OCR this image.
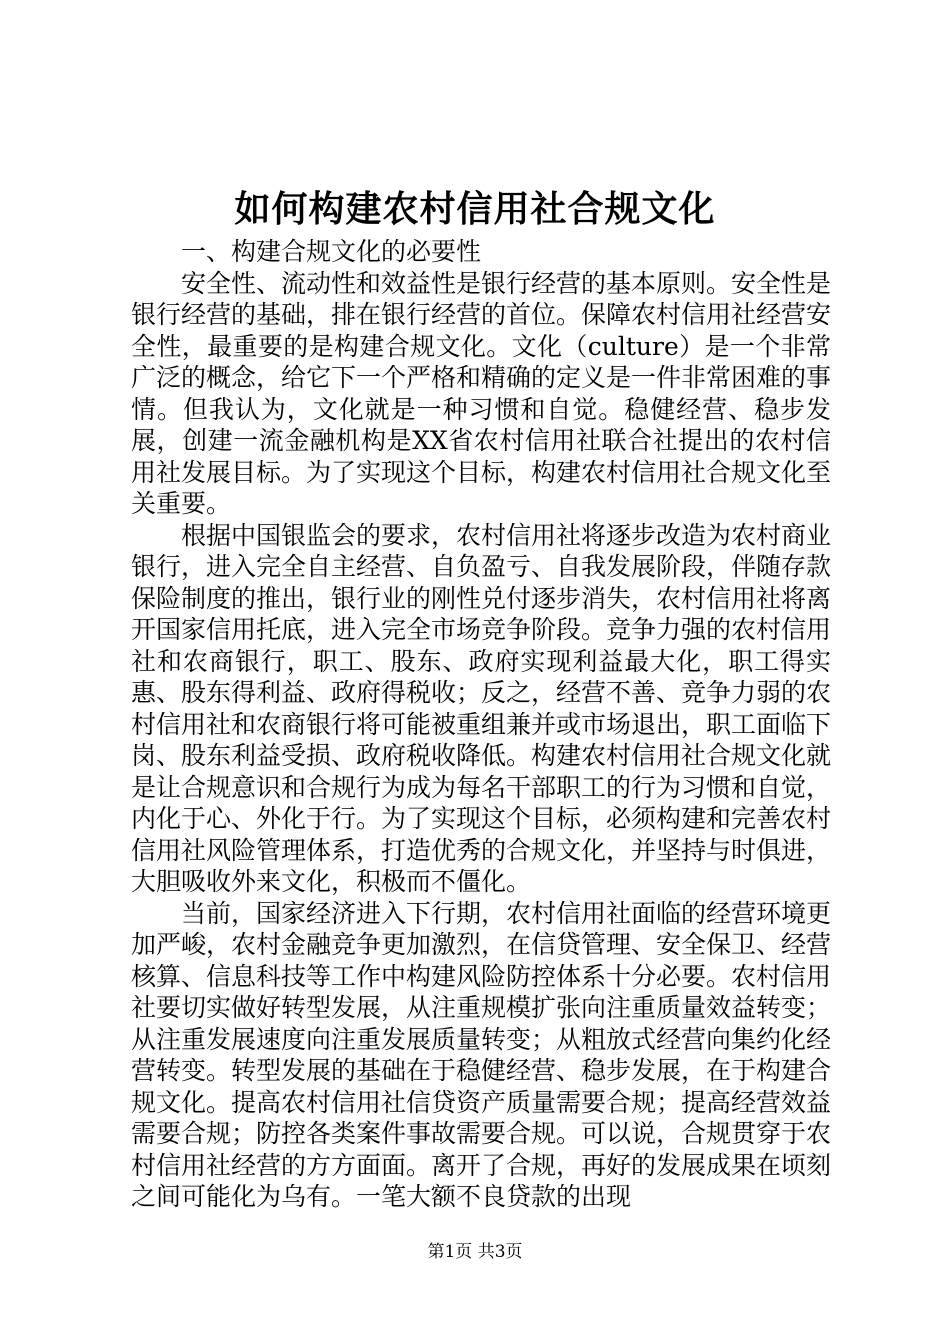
如何构建农村信用社合规文化

一、构建合规文化的必要性

安全性、流动性和效益性是银行经营的基本原则。安全性是银行经营的基础，排在银行经营的首位。保障农村信用社经营安全性，最重要的是构建合规文化。文化（culture）是一个非常广泛的概念，给它下一个严格和精确的定义是一件非常困难的事情。但我认为，文化就是一种习惯和自觉。稳健经营、稳步发展，创建一流金融机构是XX省农村信用社联合社提出的农村信用社发展目标。为了实现这个目标，构建农村信用社合规文化至关重要。

根据中国银监会的要求，农村信用社将逐步改造为农村商业银行，进入完全自主经营、自负盈亏、自我发展阶段，伴随存款保险制度的推出，银行业的刚性兑付逐步消失，农村信用社将离开国家信用托底，进入完全市场竞争阶段。竞争力强的农村信用社和农商银行，职工、股东、政府实现利益最大化，职工得实惠、股东得利益、政府得税收；反之，经营不善、竞争力弱的农村信用社和农商银行将可能被重组兼并或市场退出，职工面临下岗、股东利益受损、政府税收降低。构建农村信用社合规文化就是让合规意识和合规行为成为每名干部职工的行为习惯和自觉，内化于心、外化于行。为了实现这个目标，必须构建和完善农村信用社风险管理体系，打造优秀的合规文化，并坚持与时俱进，大胆吸收外来文化，积极而不僵化。

当前，国家经济进入下行期，农村信用社面临的经营环境更加严峻，农村金融竞争更加激烈，在信贷管理、安全保卫、经营核算、信息科技等工作中构建风险防控体系十分必要。农村信用社要切实做好转型发展，从注重规模扩张向注重质量效益转变；从注重发展速度向注重发展质量转变；从粗放式经营向集约化经营转变。转型发展的基础在于稳健经营、稳步发展，在于构建合规文化。提高农村信用社信贷资产质量需要合规；提高经营效益需要合规；防控各类案件事故需要合规。可以说，合规贯穿于农村信用社经营的方方面面。离开了合规，再好的发展成果在顷刻之间可能化为乌有。一笔大额不良贷款的出现

第1页 共3页
